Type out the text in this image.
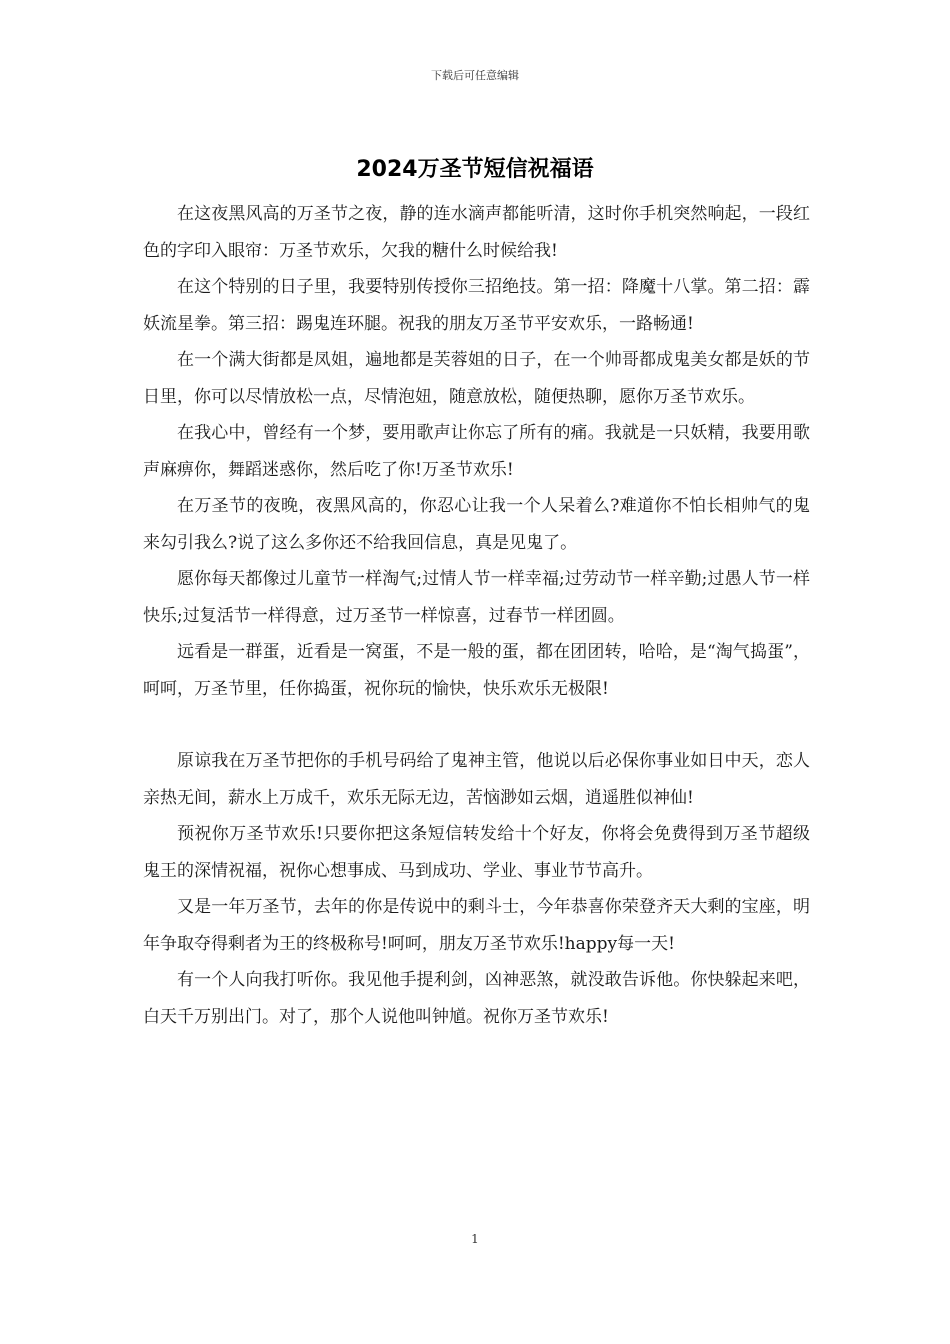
下载后可任意编辑
2024万圣节短信祝福语

在这夜黑风高的万圣节之夜，静的连水滴声都能听清，这时你手机突然响起，一段红色的字印入眼帘：万圣节欢乐，欠我的糖什么时候给我!

在这个特别的日子里，我要特别传授你三招绝技。第一招：降魔十八掌。第二招：霹妖流星拳。第三招：踢鬼连环腿。祝我的朋友万圣节平安欢乐，一路畅通!

在一个满大街都是凤姐，遍地都是芙蓉姐的日子，在一个帅哥都成鬼美女都是妖的节日里，你可以尽情放松一点，尽情泡妞，随意放松，随便热聊，愿你万圣节欢乐。

在我心中，曾经有一个梦，要用歌声让你忘了所有的痛。我就是一只妖精，我要用歌声麻痹你，舞蹈迷惑你，然后吃了你!万圣节欢乐!

在万圣节的夜晚，夜黑风高的，你忍心让我一个人呆着么?难道你不怕长相帅气的鬼来勾引我么?说了这么多你还不给我回信息，真是见鬼了。

愿你每天都像过儿童节一样淘气;过情人节一样幸福;过劳动节一样辛勤;过愚人节一样快乐;过复活节一样得意，过万圣节一样惊喜，过春节一样团圆。

远看是一群蛋，近看是一窝蛋，不是一般的蛋，都在团团转，哈哈，是“淘气捣蛋”，呵呵，万圣节里，任你捣蛋，祝你玩的愉快，快乐欢乐无极限!

原谅我在万圣节把你的手机号码给了鬼神主管，他说以后必保你事业如日中天，恋人亲热无间，薪水上万成千，欢乐无际无边，苦恼渺如云烟，逍遥胜似神仙!

预祝你万圣节欢乐!只要你把这条短信转发给十个好友，你将会免费得到万圣节超级鬼王的深情祝福，祝你心想事成、马到成功、学业、事业节节高升。

又是一年万圣节，去年的你是传说中的剩斗士，今年恭喜你荣登齐天大剩的宝座，明年争取夺得剩者为王的终极称号!呵呵，朋友万圣节欢乐!happy每一天!

有一个人向我打听你。我见他手提利剑，凶神恶煞，就没敢告诉他。你快躲起来吧，白天千万别出门。对了，那个人说他叫钟馗。祝你万圣节欢乐!

1
